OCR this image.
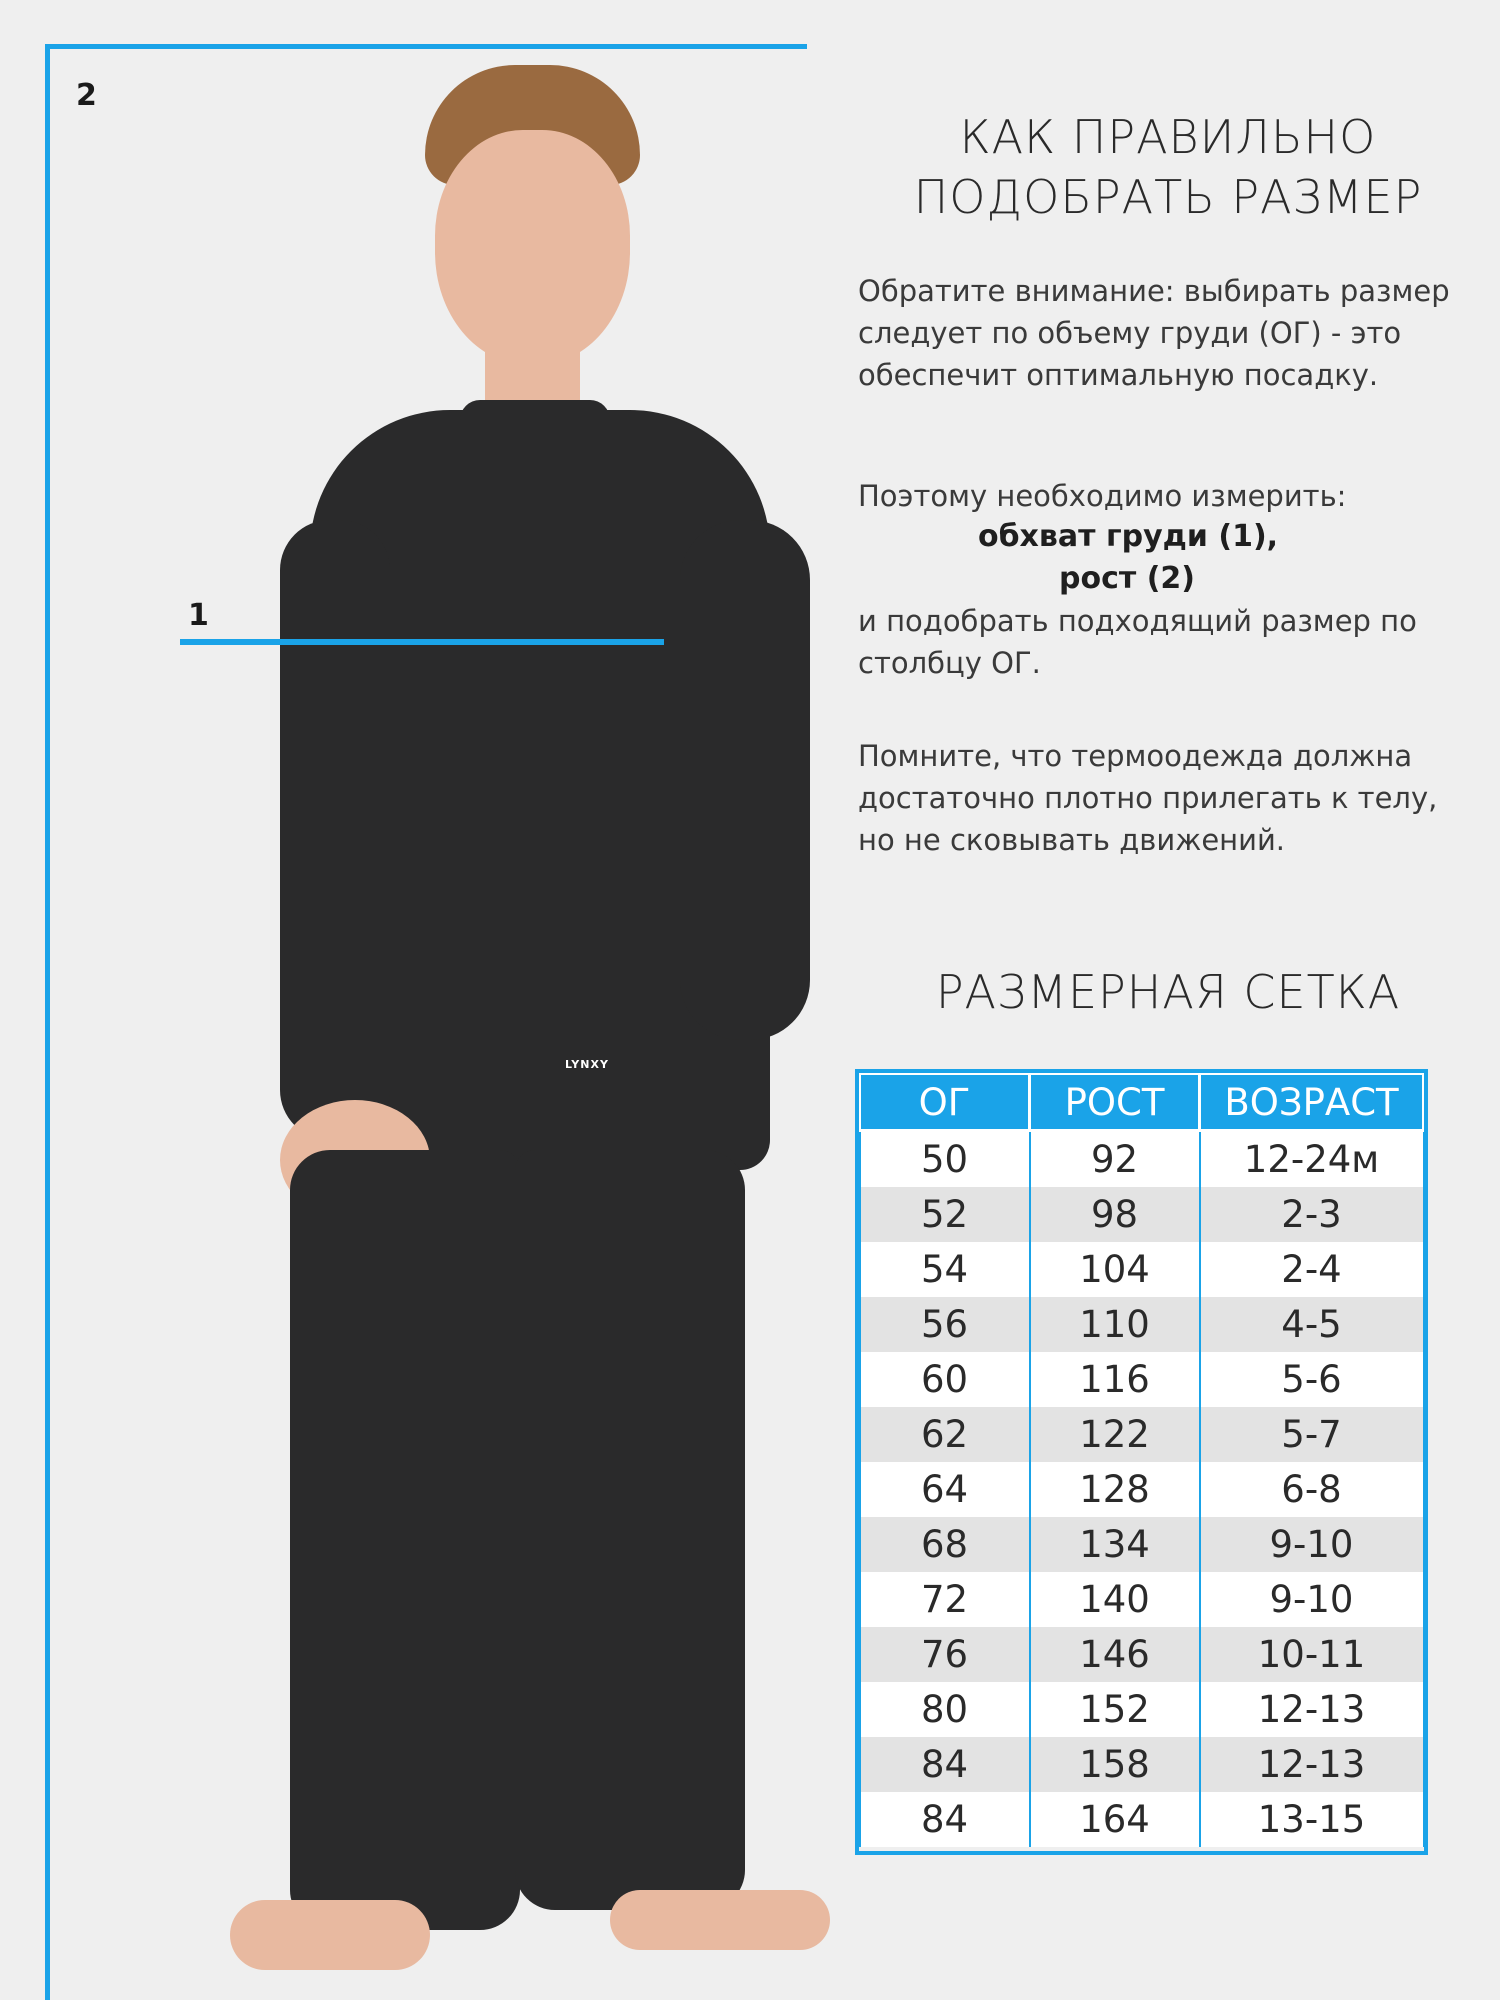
2
LYNXY
1
КАК ПРАВИЛЬНО
ПОДОБРАТЬ РАЗМЕР
Обратите внимание: выбирать размер следует по объему груди (ОГ) - это обеспечит оптимальную посадку.
Поэтому необходимо измерить:
обхват груди (1),
рост (2)
и подобрать подходящий размер по столбцу ОГ.
Помните, что термоодежда должна достаточно плотно прилегать к телу, но не сковывать движений.
РАЗМЕРНАЯ СЕТКА
ОГ	РОСТ	ВОЗРАСТ
50	92	12-24м
52	98	2-3
54	104	2-4
56	110	4-5
60	116	5-6
62	122	5-7
64	128	6-8
68	134	9-10
72	140	9-10
76	146	10-11
80	152	12-13
84	158	12-13
84	164	13-15
